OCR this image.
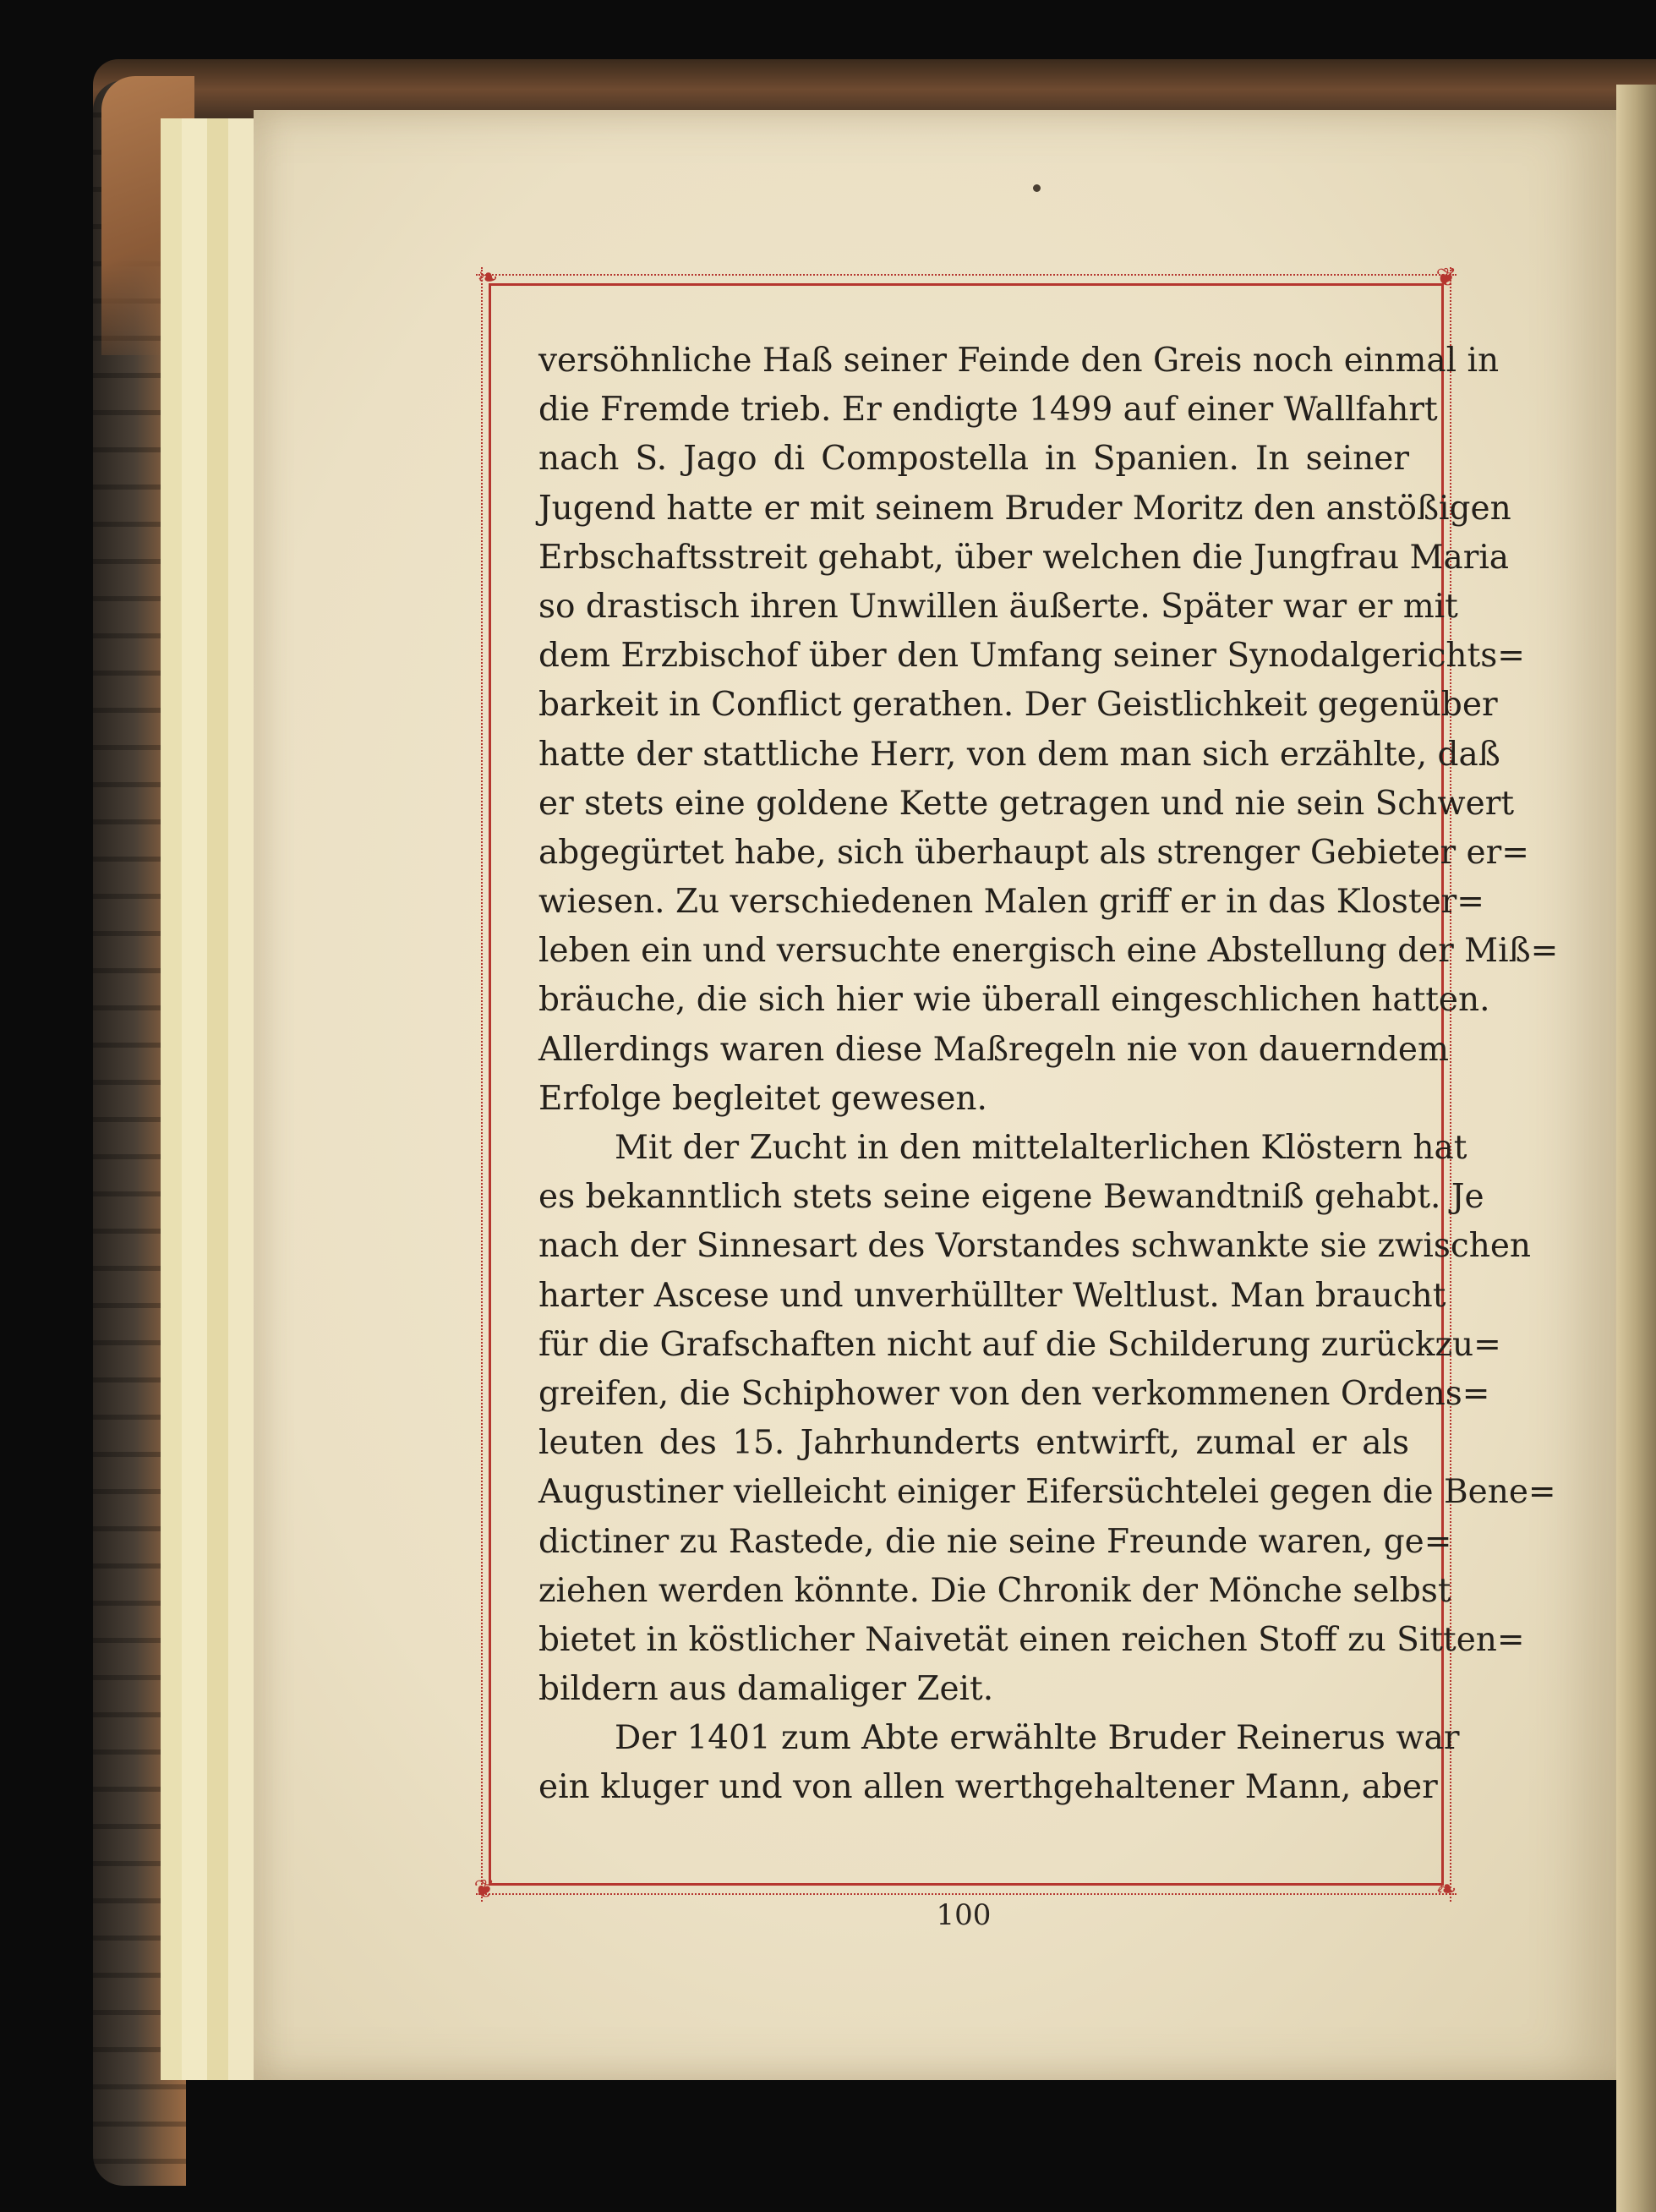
❧	❦
❦	❧
versöhnliche Haß seiner Feinde den Greis noch einmal in
die Fremde trieb. Er endigte 1499 auf einer Wallfahrt
nach S. Jago di Compostella in Spanien. In seiner
Jugend hatte er mit seinem Bruder Moritz den anstößigen
Erbschaftsstreit gehabt, über welchen die Jungfrau Maria
so drastisch ihren Unwillen äußerte. Später war er mit
dem Erzbischof über den Umfang seiner Synodalgerichts=
barkeit in Conflict gerathen. Der Geistlichkeit gegenüber
hatte der stattliche Herr, von dem man sich erzählte, daß
er stets eine goldene Kette getragen und nie sein Schwert
abgegürtet habe, sich überhaupt als strenger Gebieter er=
wiesen. Zu verschiedenen Malen griff er in das Kloster=
leben ein und versuchte energisch eine Abstellung der Miß=
bräuche, die sich hier wie überall eingeschlichen hatten.
Allerdings waren diese Maßregeln nie von dauerndem
Erfolge begleitet gewesen.
Mit der Zucht in den mittelalterlichen Klöstern hat
es bekanntlich stets seine eigene Bewandtniß gehabt. Je
nach der Sinnesart des Vorstandes schwankte sie zwischen
harter Ascese und unverhüllter Weltlust. Man braucht
für die Grafschaften nicht auf die Schilderung zurückzu=
greifen, die Schiphower von den verkommenen Ordens=
leuten des 15. Jahrhunderts entwirft, zumal er als
Augustiner vielleicht einiger Eifersüchtelei gegen die Bene=
dictiner zu Rastede, die nie seine Freunde waren, ge=
ziehen werden könnte. Die Chronik der Mönche selbst
bietet in köstlicher Naivetät einen reichen Stoff zu Sitten=
bildern aus damaliger Zeit.
Der 1401 zum Abte erwählte Bruder Reinerus war
ein kluger und von allen werthgehaltener Mann, aber
100
